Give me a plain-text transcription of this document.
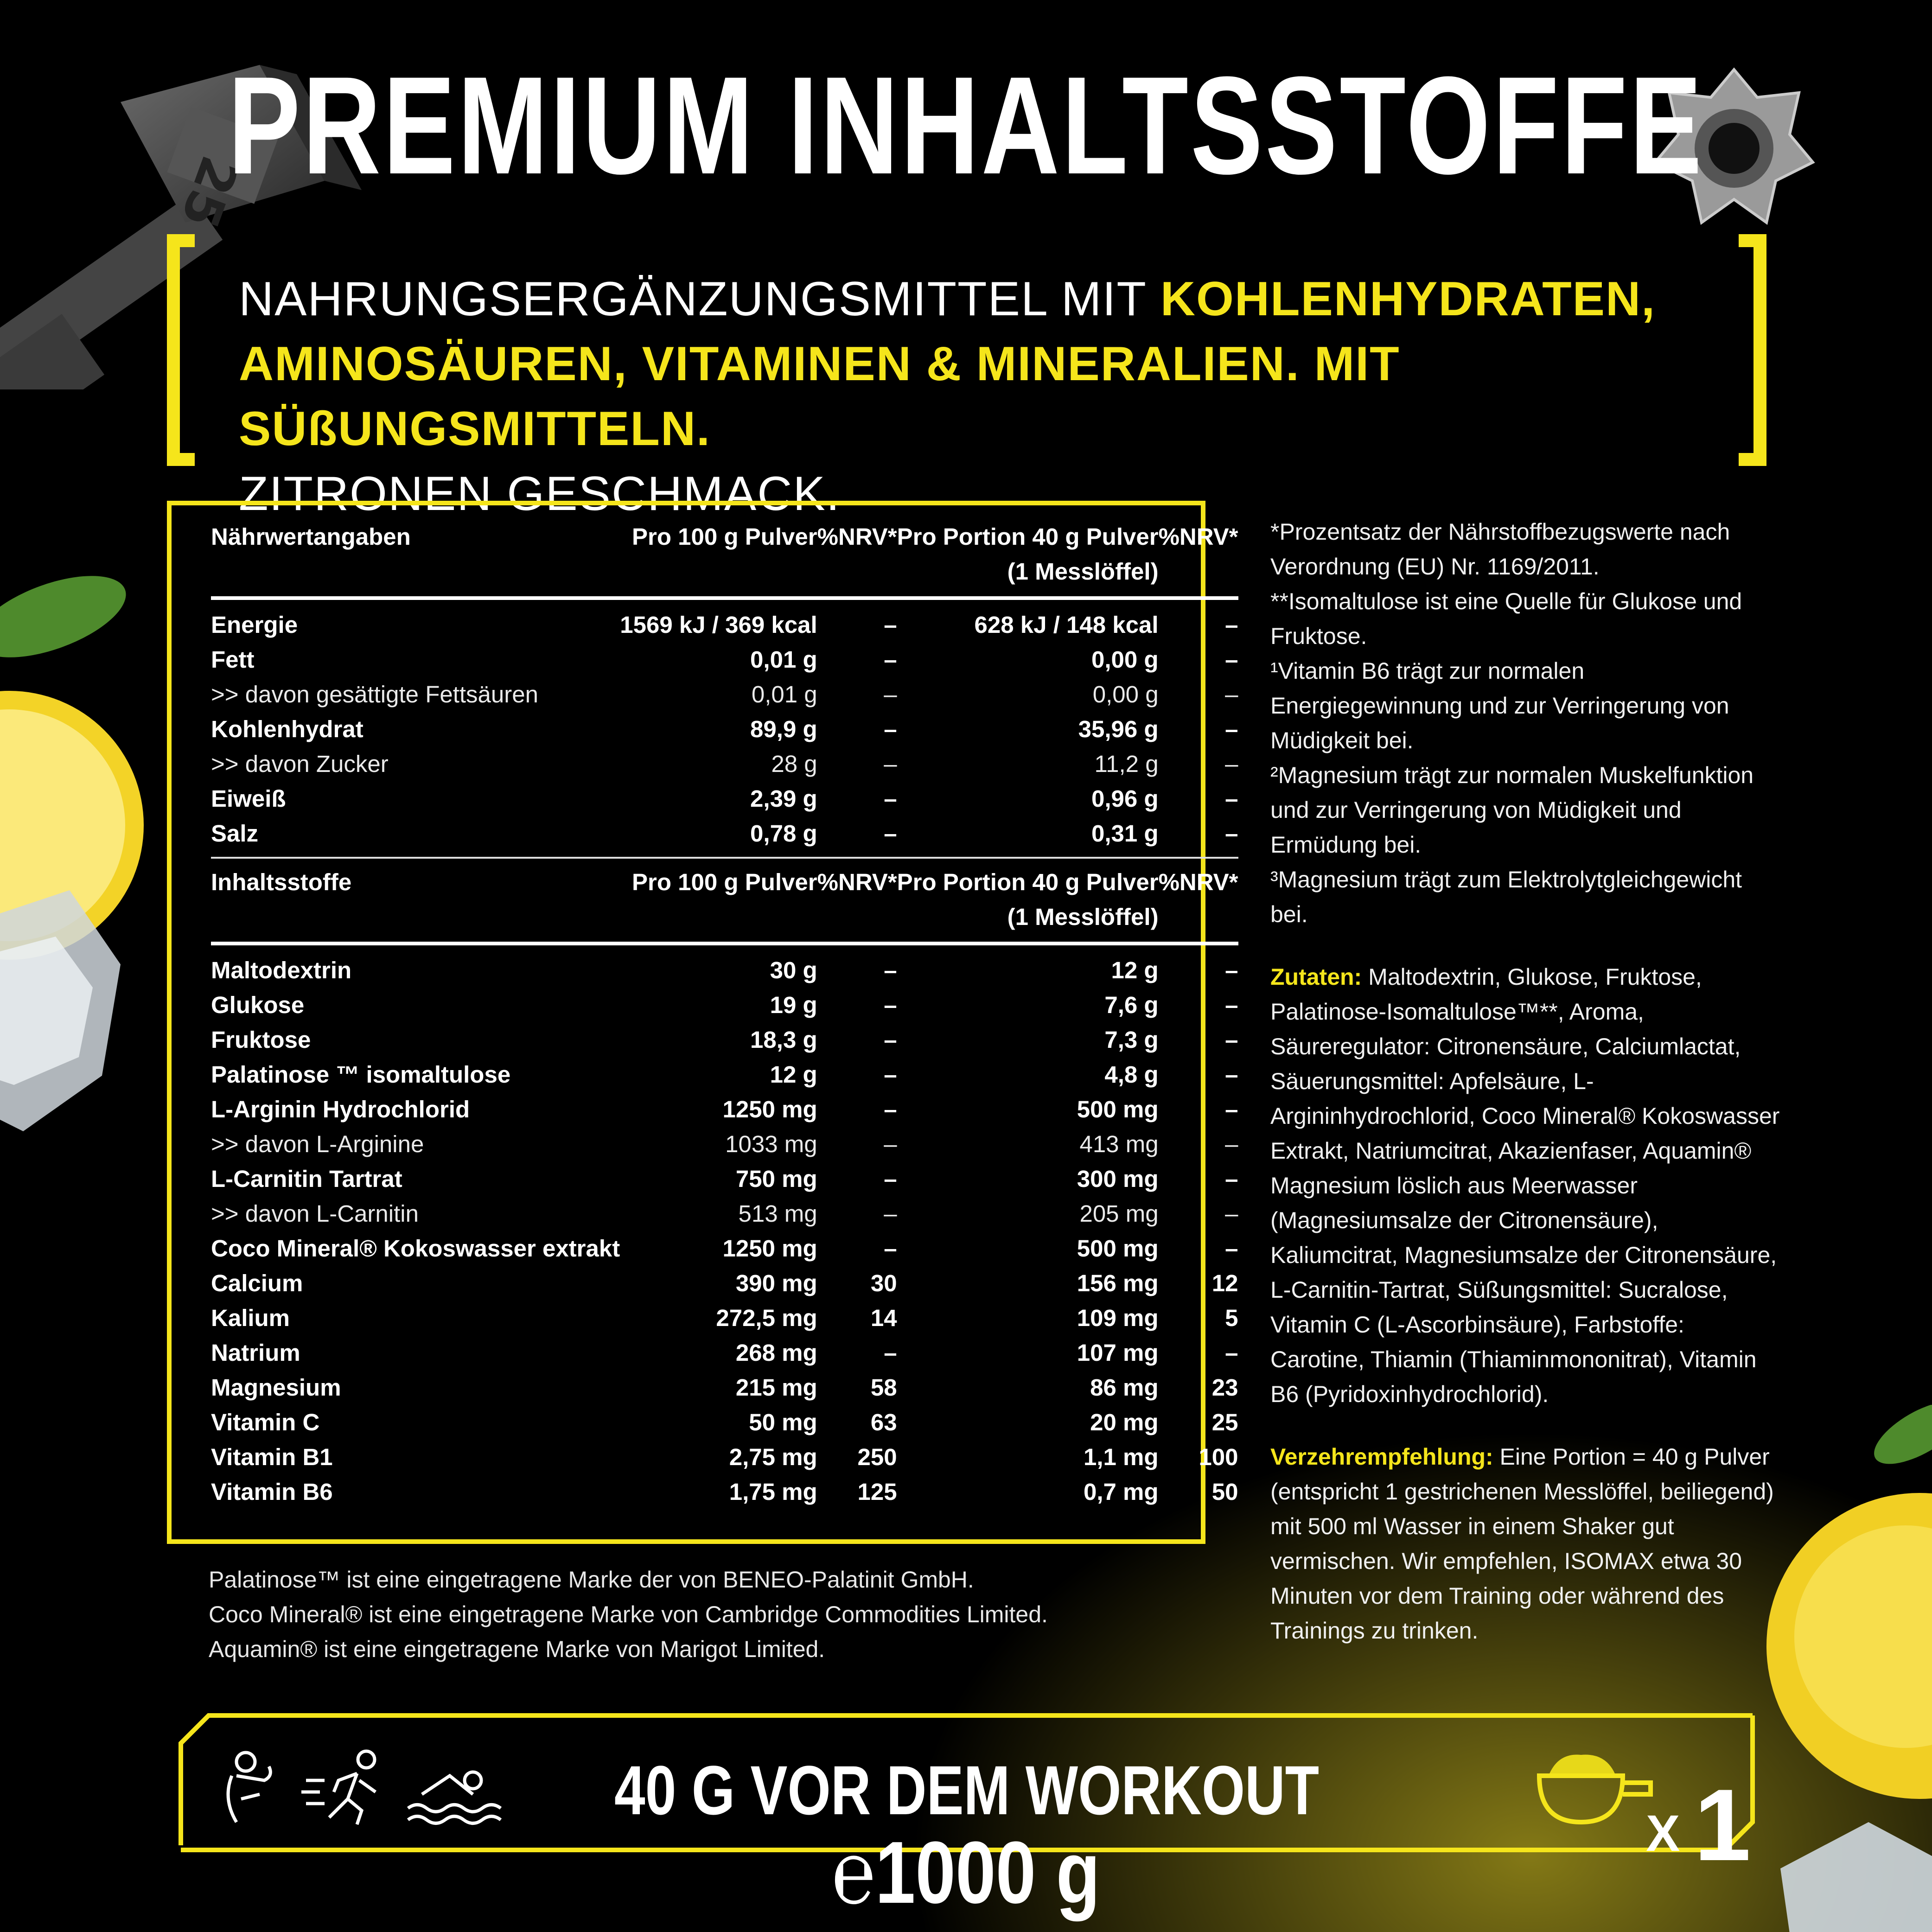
25
PREMIUM INHALTSSTOFFE
NAHRUNGSERGÄNZUNGSMITTEL MIT KOHLENHYDRATEN,
AMINOSÄUREN, VITAMINEN & MINERALIEN. MIT SÜßUNGSMITTELN.
ZITRONEN GESCHMACK.
Nährwertangaben	Pro 100 g Pulver	%NRV*	Pro Portion 40 g Pulver	%NRV*
			(1 Messlöffel)	

Energie	1569 kJ / 369 kcal	–	628 kJ / 148 kcal	–
Fett	0,01 g	–	0,00 g	–
>> davon gesättigte Fettsäuren	0,01 g	–	0,00 g	–
Kohlenhydrat	89,9 g	–	35,96 g	–
>> davon Zucker	28 g	–	11,2 g	–
Eiweiß	2,39 g	–	0,96 g	–
Salz	0,78 g	–	0,31 g	–

Inhaltsstoffe	Pro 100 g Pulver	%NRV*	Pro Portion 40 g Pulver	%NRV*
			(1 Messlöffel)	

Maltodextrin	30 g	–	12 g	–
Glukose	19 g	–	7,6 g	–
Fruktose	18,3 g	–	7,3 g	–
Palatinose ™ isomaltulose	12 g	–	4,8 g	–
L-Arginin Hydrochlorid	1250 mg	–	500 mg	–
>> davon L-Arginine	1033 mg	–	413 mg	–
L-Carnitin Tartrat	750 mg	–	300 mg	–
>> davon L-Carnitin	513 mg	–	205 mg	–
Coco Mineral® Kokoswasser extrakt	1250 mg	–	500 mg	–
Calcium	390 mg	30	156 mg	12
Kalium	272,5 mg	14	109 mg	5
Natrium	268 mg	–	107 mg	–
Magnesium	215 mg	58	86 mg	23
Vitamin C	50 mg	63	20 mg	25
Vitamin B1	2,75 mg	250	1,1 mg	100
Vitamin B6	1,75 mg	125	0,7 mg	50
Palatinose™ ist eine eingetragene Marke der von BENEO-Palatinit GmbH.
Coco Mineral® ist eine eingetragene Marke von Cambridge Commodities Limited.
Aquamin® ist eine eingetragene Marke von Marigot Limited.

*Prozentsatz der Nährstoffbezugswerte nach Verordnung (EU) Nr. 1169/2011.
**Isomaltulose ist eine Quelle für Glukose und Fruktose.
¹Vitamin B6 trägt zur normalen Energiegewinnung und zur Verringerung von Müdigkeit bei.
²Magnesium trägt zur normalen Muskelfunktion und zur Verringerung von Müdigkeit und Ermüdung bei.
³Magnesium trägt zum Elektrolytgleichgewicht bei.

Zutaten: Maltodextrin, Glukose, Fruktose, Palatinose-Isomaltulose™**, Aroma, Säureregulator: Citronensäure, Calciumlactat, Säuerungsmittel: Apfelsäure, L-Argininhydrochlorid, Coco Mineral® Kokoswasser Extrakt, Natriumcitrat, Akazienfaser, Aquamin® Magnesium löslich aus Meerwasser (Magnesiumsalze der Citronensäure), Kaliumcitrat, Magnesiumsalze der Citronensäure, L-Carnitin-Tartrat, Süßungsmittel: Sucralose, Vitamin C (L-Ascorbinsäure), Farbstoffe: Carotine, Thiamin (Thiaminmononitrat), Vitamin B6 (Pyridoxinhydrochlorid).

Verzehrempfehlung: Eine Portion = 40 g Pulver (entspricht 1 gestrichenen Messlöffel, beiliegend) mit 500 ml Wasser in einem Shaker gut vermischen. Wir empfehlen, ISOMAX etwa 30 Minuten vor dem Training oder während des Trainings zu trinken.

40 G VOR DEM WORKOUT
X 1
℮1000 g
